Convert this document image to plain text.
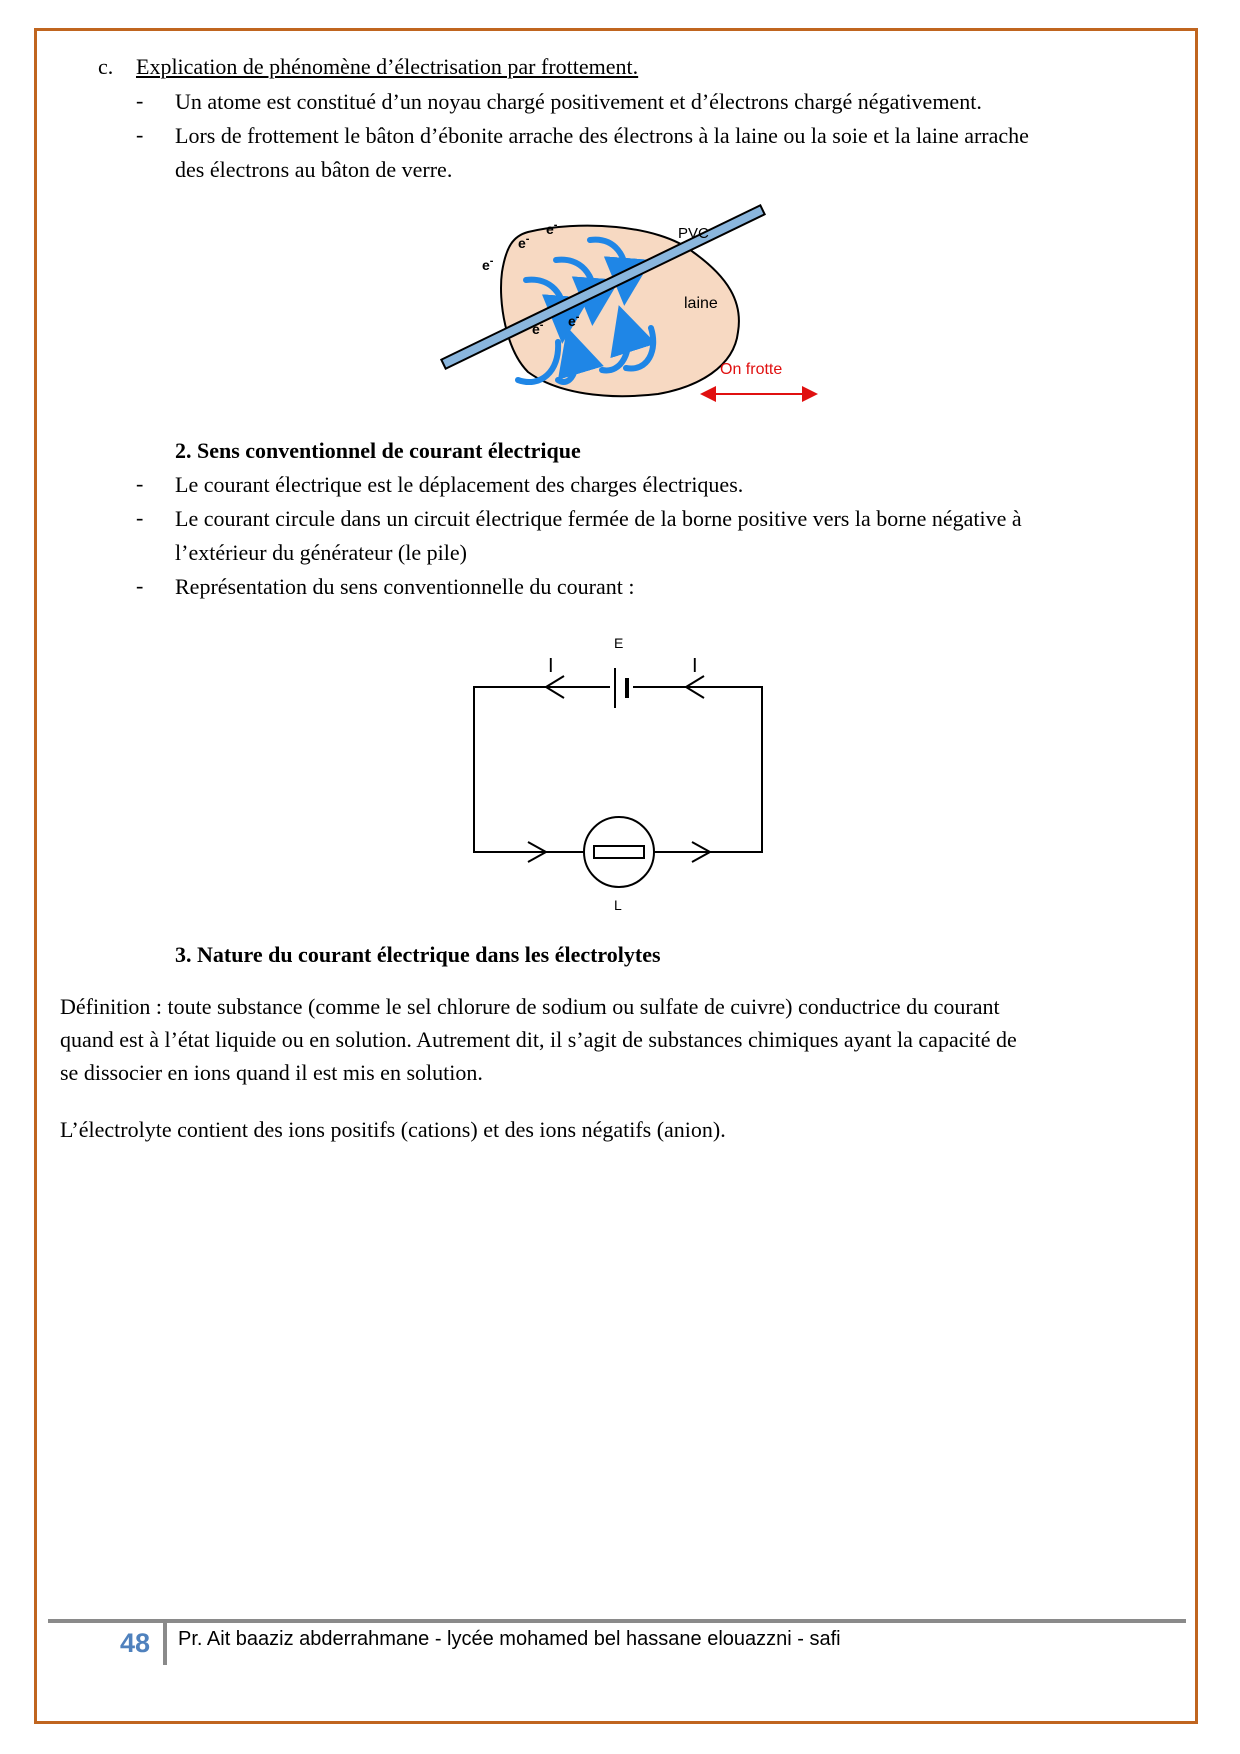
c. Explication de phénomène d’électrisation par frottement.
- Un atome est constitué d’un noyau chargé positivement et d’électrons chargé négativement.
- Lors de frottement le bâton d’ébonite arrache des électrons à la laine ou la soie et la laine arrache
des électrons au bâton de verre.
e-
e-
e-
e- e-
PVC
laine
On frotte
2. Sens conventionnel de courant électrique
- Le courant électrique est le déplacement des charges électriques.
- Le courant circule dans un circuit électrique fermée de la borne positive vers la borne négative à
l’extérieur du générateur (le pile)
- Représentation du sens conventionnelle du courant :
E
I	I
L
3. Nature du courant électrique dans les électrolytes
Définition : toute substance (comme le sel chlorure de sodium ou sulfate de cuivre) conductrice du courant
quand est à l’état liquide ou en solution. Autrement dit, il s’agit de substances chimiques ayant la capacité de
se dissocier en ions quand il est mis en solution.
L’électrolyte contient des ions positifs (cations) et des ions négatifs (anion).
48 Pr. Ait baaziz abderrahmane - lycée mohamed bel hassane elouazzni - safi
